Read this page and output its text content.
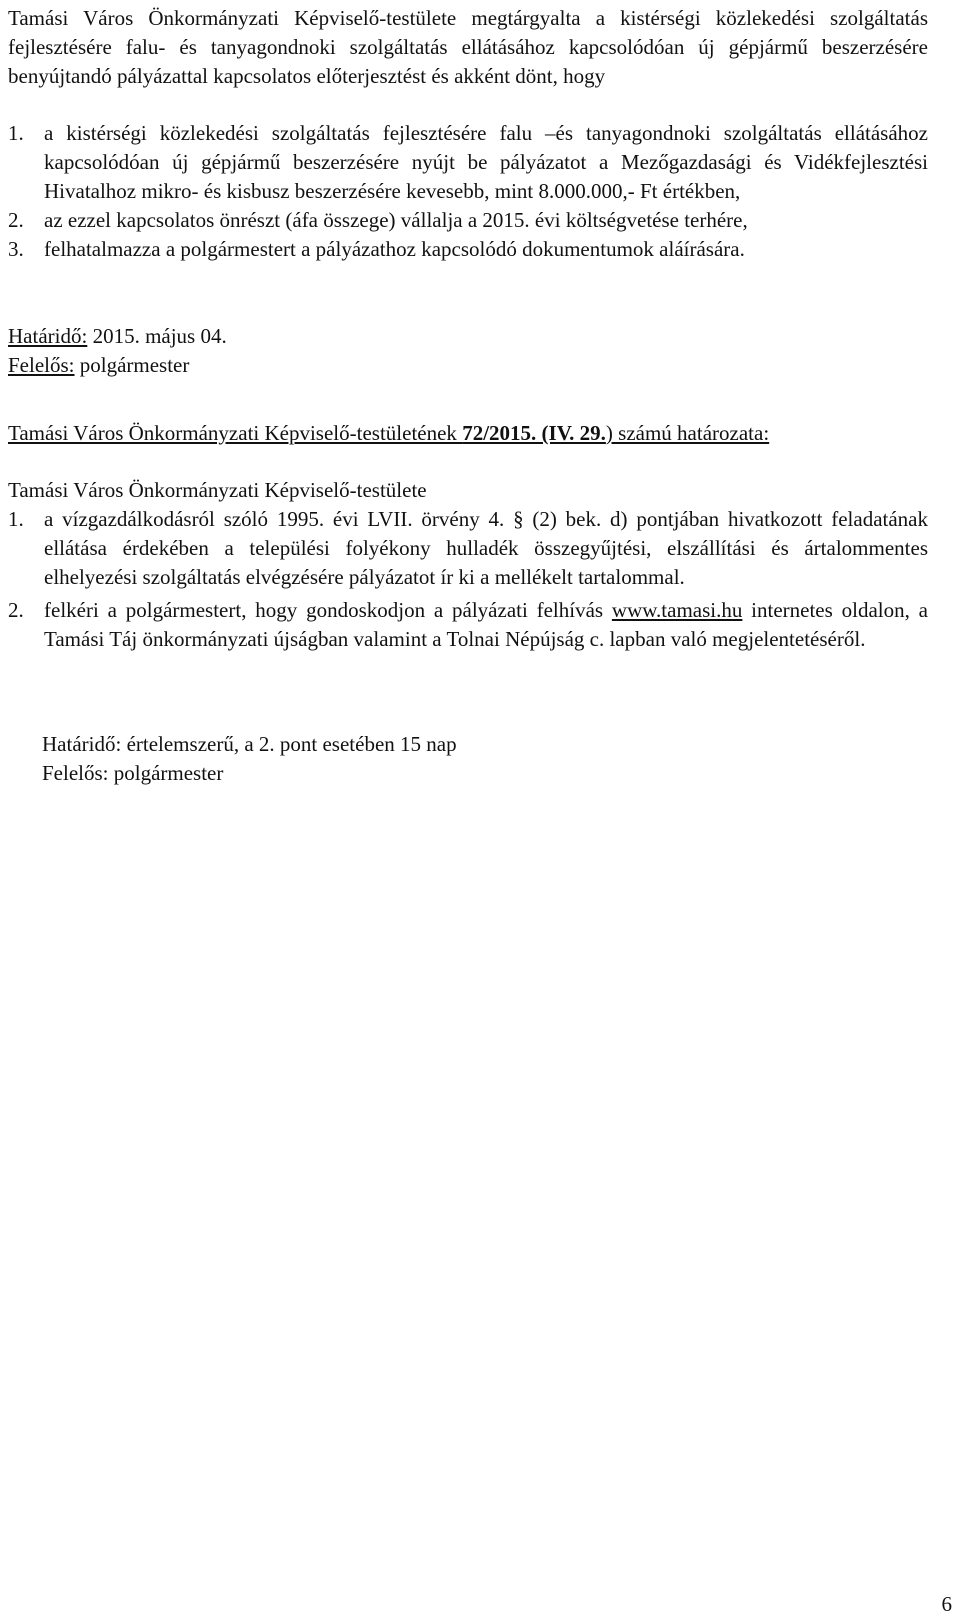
Tamási Város Önkormányzati Képviselő-testülete megtárgyalta a kistérségi közlekedési szolgáltatás fejlesztésére falu- és tanyagondnoki szolgáltatás ellátásához kapcsolódóan új gépjármű beszerzésére benyújtandó pályázattal kapcsolatos előterjesztést és akként dönt, hogy
1. a kistérségi közlekedési szolgáltatás fejlesztésére falu –és tanyagondnoki szolgáltatás ellátásához kapcsolódóan új gépjármű beszerzésére nyújt be pályázatot a Mezőgazdasági és Vidékfejlesztési Hivatalhoz mikro- és kisbusz beszerzésére kevesebb, mint 8.000.000,- Ft értékben,
2. az ezzel kapcsolatos önrészt (áfa összege) vállalja a 2015. évi költségvetése terhére,
3. felhatalmazza a polgármestert a pályázathoz kapcsolódó dokumentumok aláírására.
Határidő: 2015. május 04.
Felelős: polgármester
Tamási Város Önkormányzati Képviselő-testületének 72/2015. (IV. 29.) számú határozata:
Tamási Város Önkormányzati Képviselő-testülete
1. a vízgazdálkodásról szóló 1995. évi LVII. örvény 4. § (2) bek. d) pontjában hivatkozott feladatának ellátása érdekében a települési folyékony hulladék összegyűjtési, elszállítási és ártalommentes elhelyezési szolgáltatás elvégzésére pályázatot ír ki a mellékelt tartalommal.
2. felkéri a polgármestert, hogy gondoskodjon a pályázati felhívás www.tamasi.hu internetes oldalon, a Tamási Táj önkormányzati újságban valamint a Tolnai Népújság c. lapban való megjelentetéséről.
Határidő: értelemszerű, a 2. pont esetében 15 nap
Felelős: polgármester
6
